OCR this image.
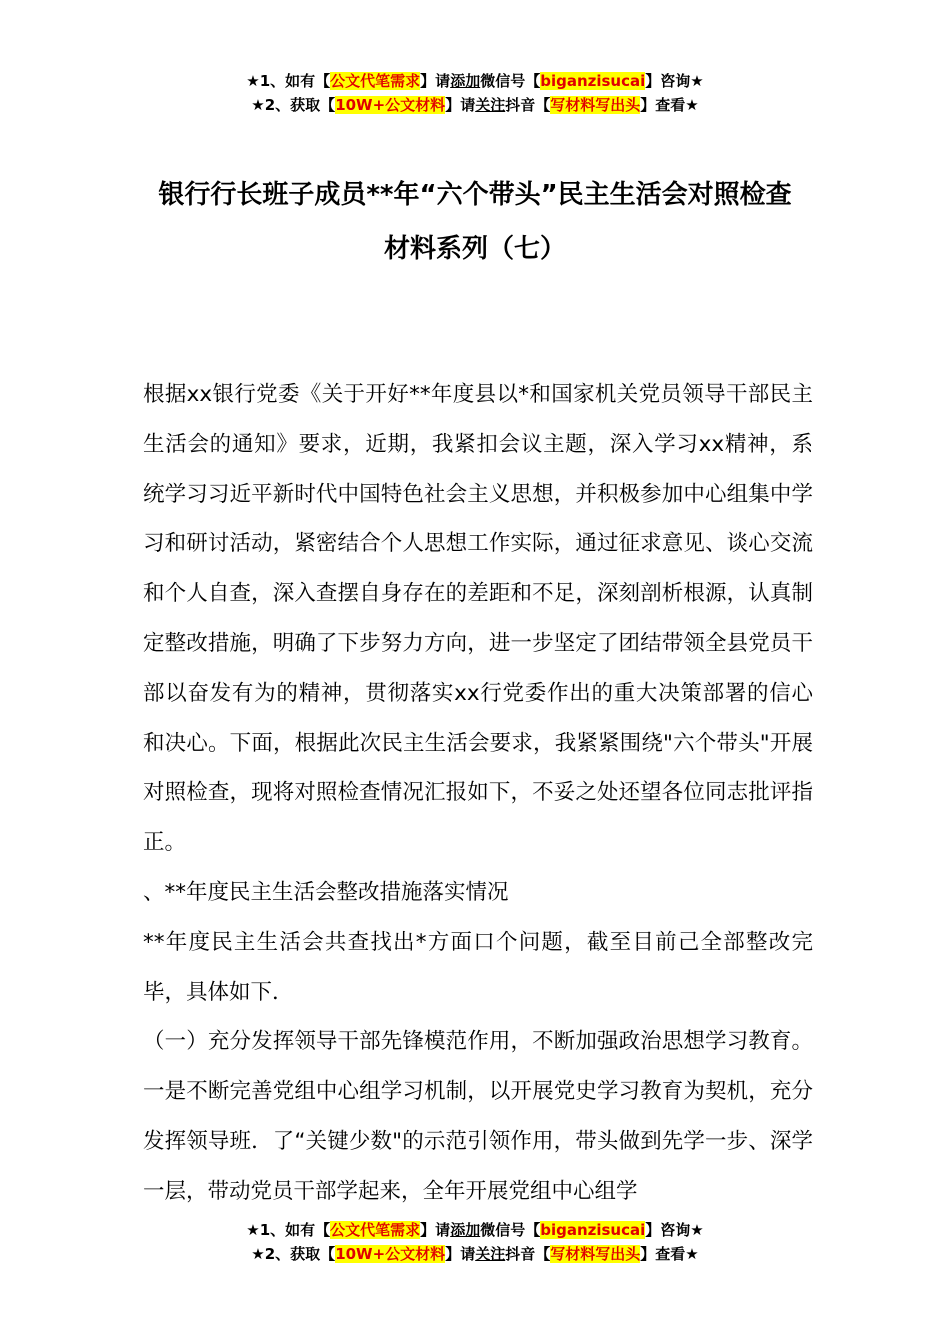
★1、如有【公文代笔需求】请添加微信号【biganzisucai】咨询★
★2、获取【10W+公文材料】请关注抖音【写材料写出头】查看★
银行行长班子成员**年“六个带头”民主生活会对照检查
材料系列（七）

根据xx银行党委《关于开好**年度县以*和国家机关党员领导干部民主生活会的通知》要求，近期，我紧扣会议主题，深入学习xx精神，系统学习习近平新时代中国特色社会主义思想，并积极参加中心组集中学习和研讨活动，紧密结合个人思想工作实际，通过征求意见、谈心交流和个人自查，深入查摆自身存在的差距和不足，深刻剖析根源，认真制定整改措施，明确了下步努力方向，进一步坚定了团结带领全县党员干部以奋发有为的精神，贯彻落实xx行党委作出的重大决策部署的信心和决心。下面，根据此次民主生活会要求，我紧紧围绕"六个带头"开展对照检查，现将对照检查情况汇报如下，不妥之处还望各位同志批评指正。

、**年度民主生活会整改措施落实情况

**年度民主生活会共查找出*方面口个问题，截至目前己全部整改完毕，具体如下．

（一）充分发挥领导干部先锋模范作用，不断加强政治思想学习教育。一是不断完善党组中心组学习机制，以开展党史学习教育为契机，充分发挥领导班．了“关键少数"的示范引领作用，带头做到先学一步、深学一层，带动党员干部学起来，全年开展党组中心组学

★1、如有【公文代笔需求】请添加微信号【biganzisucai】咨询★
★2、获取【10W+公文材料】请关注抖音【写材料写出头】查看★
